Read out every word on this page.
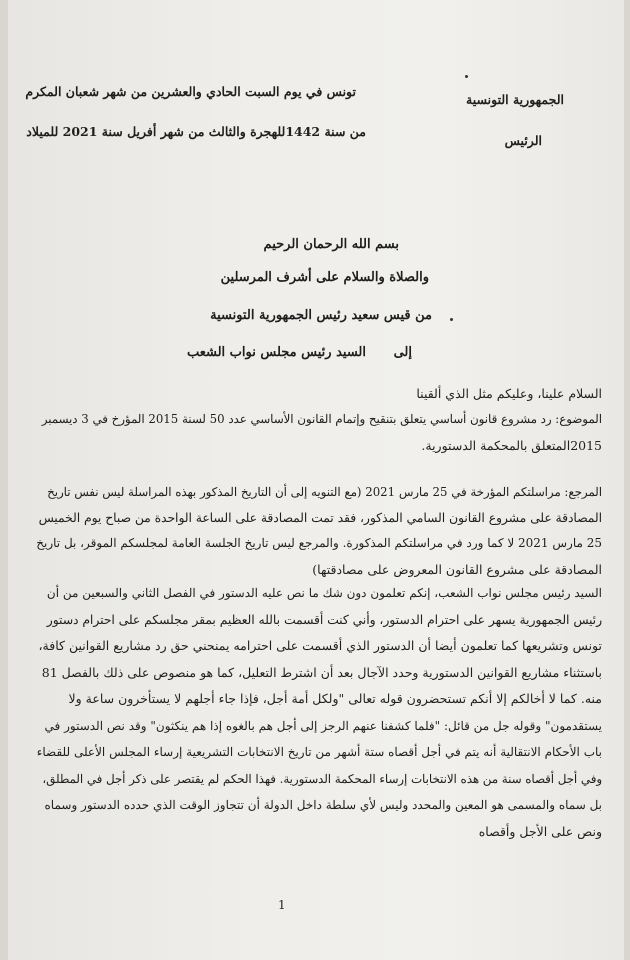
الجمهورية التونسية
الرئيس
تونس في يوم السبت الحادي والعشرين من شهر شعبان المكرم
من سنة 1442للهجرة والثالث من شهر أفريل سنة 2021 للميلاد
بسم الله الرحمان الرحيم
والصلاة والسلام على أشرف المرسلين
من قيس سعيد رئيس الجمهورية التونسية
إلى
السيد رئيس مجلس نواب الشعب
السلام علينا، وعليكم مثل الذي ألقينا
الموضوع: رد مشروع قانون أساسي يتعلق بتنقيح وإتمام القانون الأساسي عدد 50 لسنة 2015 المؤرخ في 3 ديسمبر
2015المتعلق بالمحكمة الدستورية.
المرجع: مراسلتكم المؤرخة في 25 مارس 2021 (مع التنويه إلى أن التاريخ المذكور بهذه المراسلة ليس نفس تاريخ
المصادقة على مشروع القانون السامي المذكور، فقد تمت المصادقة على الساعة الواحدة من صباح يوم الخميس
25 مارس 2021 لا كما ورد في مراسلتكم المذكورة. والمرجع ليس تاريخ الجلسة العامة لمجلسكم الموقر، بل تاريخ
المصادقة على مشروع القانون المعروض على مصادقتها)
السيد رئيس مجلس نواب الشعب، إنكم تعلمون دون شك ما نص عليه الدستور في الفصل الثاني والسبعين من أن
رئيس الجمهورية يسهر على احترام الدستور، وأني كنت أقسمت بالله العظيم بمقر مجلسكم على احترام دستور
تونس وتشريعها كما تعلمون أيضا أن الدستور الذي أقسمت على احترامه يمنحني حق رد مشاريع القوانين كافة،
باستثناء مشاريع القوانين الدستورية وحدد الآجال بعد أن اشترط التعليل، كما هو منصوص على ذلك بالفصل 81
منه. كما لا أخالكم إلا أنكم تستحضرون قوله تعالى "ولكل أمة أجل، فإذا جاء أجلهم لا يستأخرون ساعة ولا
يستقدمون" وقوله جل من قائل: "فلما كشفنا عنهم الرجز إلى أجل هم بالغوه إذا هم ينكثون" وقد نص الدستور في
باب الأحكام الانتقالية أنه يتم في أجل أقصاه ستة أشهر من تاريخ الانتخابات التشريعية إرساء المجلس الأعلى للقضاء
وفي أجل أقصاه سنة من هذه الانتخابات إرساء المحكمة الدستورية. فهذا الحكم لم يقتصر على ذكر أجل في المطلق،
بل سماه والمسمى هو المعين والمحدد وليس لأي سلطة داخل الدولة أن تتجاوز الوقت الذي حدده الدستور وسماه
ونص على الأجل وأقصاه
1
